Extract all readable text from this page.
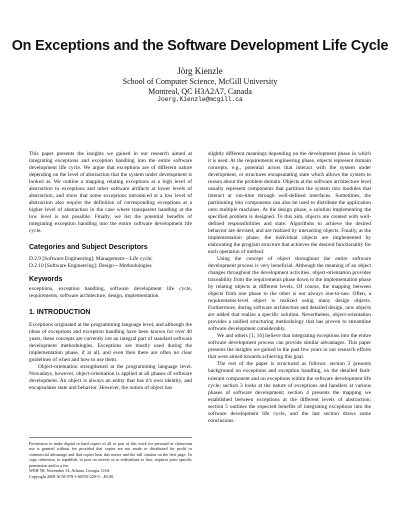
On Exceptions and the Software Development Life Cycle
Jörg Kienzle
School of Computer Science, McGill University
Montreal, QC H3A2A7, Canada
Joerg.Kienzle@mcgill.ca

This paper presents the insights we gained in our research aimed at integrating exceptions and exception handling into the entire software development life cycle. We argue that exceptions are of different nature depending on the level of abstraction that the system under development is looked at. We outline a mapping relating exceptions at a high level of abstraction to exceptions and other software artifacts at lower levels of abstraction, and show that some exceptions introduced at a low level of abstraction also require the definition of corresponding exceptions at a higher level of abstraction in the case where transparent handling at the low level is not possible. Finally, we list the potential benefits of integrating exception handling into the entire software development life cycle.

Categories and Subject Descriptors
D.2.9 [Software Engineering]: Management—Life cycle;
D.2.10 [Software Engineering]: Design—Methodologies
Keywords

exceptions, exception handling, software development life cycle, requirements, software architecture, design, implementation

1. INTRODUCTION

Exceptions originated at the programming language level, and although the ideas of exceptions and exception handling have been known for over 40 years, these concepts are currently not an integral part of standard software development methodologies. Exceptions are mostly used during the implementation phase, if at all, and even then there are often no clear guidelines of when and how to use them.

Object-orientation strengthened at the programming language level. Nowadays, however, object-orientation is applied at all phases of software development. An object is always an entity that has it's own identity, and encapsulates state and behavior. However, the notion of object has

Permission to make digital or hard copies of all or part of this work for personal or classroom use is granted without fee provided that copies are not made or distributed for profit or commercial advantage and that copies bear this notice and the full citation on the first page. To copy otherwise, to republish, to post on servers or to redistribute to lists, requires prior specific permission and/or a fee.
WEH '08, November 14, Atlanta, Georgia, USA
Copyright 2008 ACM 978-1-60558-229-0 ...$5.00.

slightly different meanings depending on the development phase in which it is used. At the requirements engineering phase, objects represent domain concepts, e.g., potential actors that interact with the system under development, or structures encapsulating state which allows the system to reason about the problem domain. Objects at the software architecture level usually represent components that partition the system into modules that interact at run-time through well-defined interfaces. Sometimes, the partitioning into components can also be used to distribute the application onto multiple machines. At the design phase, a solution implementing the specified problem is designed. To this aim, objects are created with well-defined responsibilities and state. Algorithms to achieve the desired behavior are devised, and are realized by interacting objects. Finally, at the implementation phase, the individual objects are implemented by elaborating the program structure that achieves the desired functionality for each operation of method.

Using the concept of object throughout the entire software development process is very beneficial. Although the meaning of an object changes throughout the development activities, object-orientation provides traceability from the requirements phase down to the implementation phase by relating objects at different levels. Of course, the mapping between objects from one phase to the other is not always one-to-one. Often, a requirements-level object is realized using many design objects. Furthermore, during software architecture and detailed design, new objects are added that realize a specific solution. Nevertheless, object-orientation provides a unified structuring methodology that has proven to streamline software development considerably.

We and others [1; 16] believe that integrating exceptions into the entire software development process can provide similar advantages. This paper presents the insights we gained in the past few years in our research efforts that were aimed towards achieving this goal.

The rest of the paper is structured as follows: section 2 presents background on exceptions and exception handling, on the detailed fault-tolerant component and on exceptions within the software development life cycle; section 3 looks at the nature of exceptions and handlers at various phases of software development; section 4 presents the mapping we established between exceptions at the different levels of abstraction; section 5 outlines the expected benefits of integrating exceptions into the software development life cycle, and the last section draws some conclusions.
